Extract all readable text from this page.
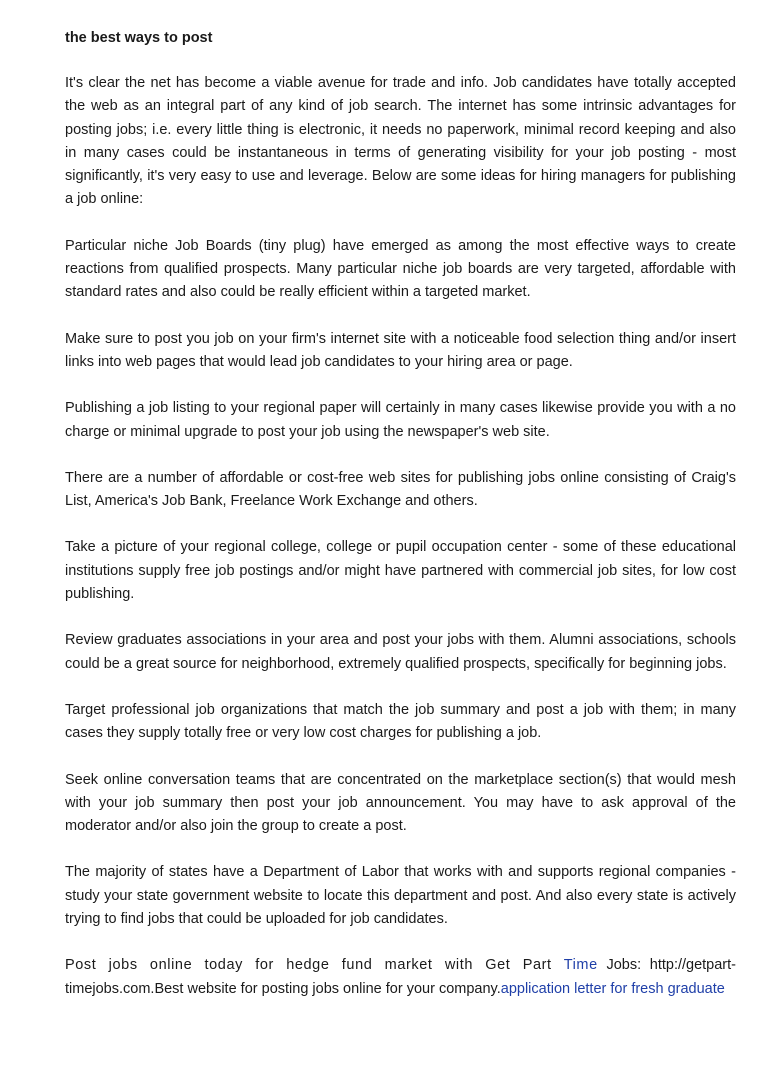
the best ways to post

It's clear the net has become a viable avenue for trade and info. Job candidates have totally accepted the web as an integral part of any kind of job search. The internet has some intrinsic advantages for posting jobs; i.e. every little thing is electronic, it needs no paperwork, minimal record keeping and also in many cases could be instantaneous in terms of generating visibility for your job posting - most significantly, it's very easy to use and leverage. Below are some ideas for hiring managers for publishing a job online:

Particular niche Job Boards (tiny plug) have emerged as among the most effective ways to create reactions from qualified prospects. Many particular niche job boards are very targeted, affordable with standard rates and also could be really efficient within a targeted market.

Make sure to post you job on your firm's internet site with a noticeable food selection thing and/or insert links into web pages that would lead job candidates to your hiring area or page.

Publishing a job listing to your regional paper will certainly in many cases likewise provide you with a no charge or minimal upgrade to post your job using the newspaper's web site.

There are a number of affordable or cost-free web sites for publishing jobs online consisting of Craig's List, America's Job Bank, Freelance Work Exchange and others.

Take a picture of your regional college, college or pupil occupation center - some of these educational institutions supply free job postings and/or might have partnered with commercial job sites, for low cost publishing.

Review graduates associations in your area and post your jobs with them. Alumni associations, schools could be a great source for neighborhood, extremely qualified prospects, specifically for beginning jobs.

Target professional job organizations that match the job summary and post a job with them; in many cases they supply totally free or very low cost charges for publishing a job.

Seek online conversation teams that are concentrated on the marketplace section(s) that would mesh with your job summary then post your job announcement. You may have to ask approval of the moderator and/or also join the group to create a post.

The majority of states have a Department of Labor that works with and supports regional companies - study your state government website to locate this department and post. And also every state is actively trying to find jobs that could be uploaded for job candidates.

Post jobs online today for hedge fund market with Get Part Time Jobs: http://getpart-timejobs.com.Best website for posting jobs online for your company.application letter for fresh graduate
